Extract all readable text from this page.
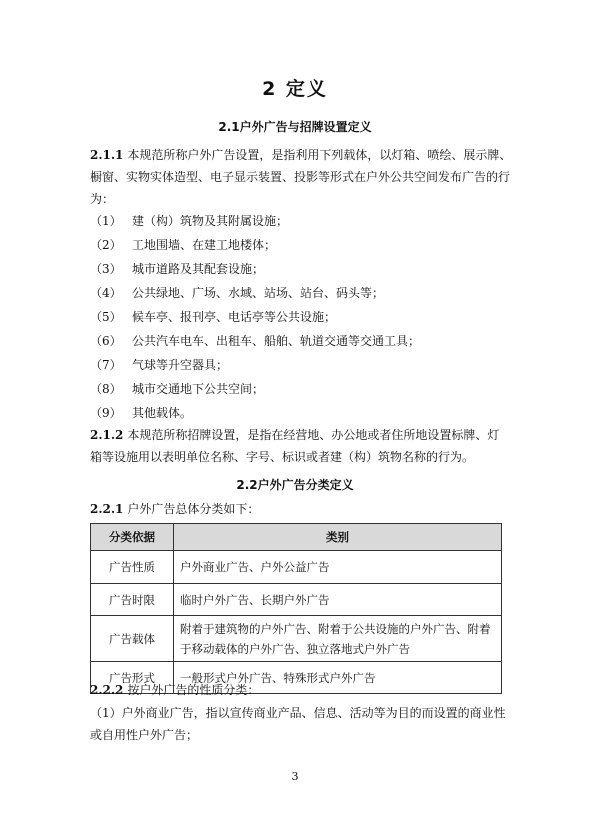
2 定义
2.1户外广告与招牌设置定义
2.1.1 本规范所称户外广告设置，是指利用下列载体，以灯箱、喷绘、展示牌、
橱窗、实物实体造型、电子显示装置、投影等形式在户外公共空间发布广告的行
为：
（1） 建（构）筑物及其附属设施；
（2） 工地围墙、在建工地楼体；
（3） 城市道路及其配套设施；
（4） 公共绿地、广场、水域、站场、站台、码头等；
（5） 候车亭、报刊亭、电话亭等公共设施；
（6） 公共汽车电车、出租车、船舶、轨道交通等交通工具；
（7） 气球等升空器具；
（8） 城市交通地下公共空间；
（9） 其他载体。
2.1.2 本规范所称招牌设置，是指在经营地、办公地或者住所地设置标牌、灯
箱等设施用以表明单位名称、字号、标识或者建（构）筑物名称的行为。
2.2户外广告分类定义
2.2.1 户外广告总体分类如下：
分类依据	类别
广告性质	户外商业广告、户外公益广告
广告时限	临时户外广告、长期户外广告
广告载体	附着于建筑物的户外广告、附着于公共设施的户外广告、附着
于移动载体的户外广告、独立落地式户外广告

广告形式	一般形式户外广告、特殊形式户外广告
2.2.2 按户外广告的性质分类：
（1）户外商业广告，指以宣传商业产品、信息、活动等为目的而设置的商业性
或自用性户外广告；
3
